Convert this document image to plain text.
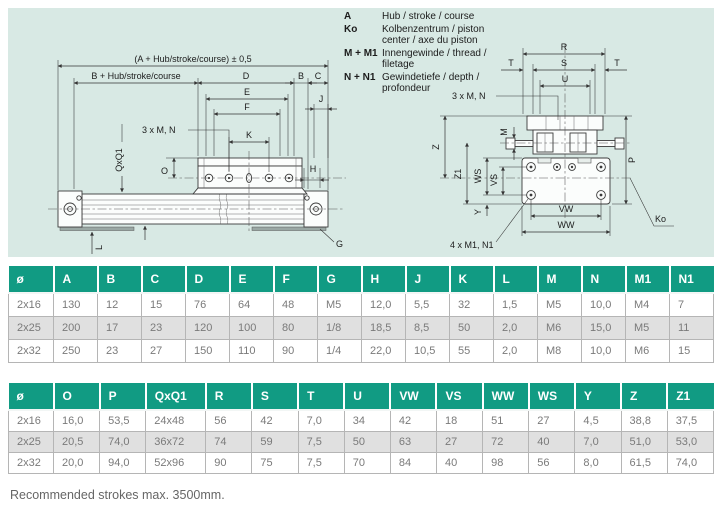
(A + Hub/stroke/course) ± 0,5
B + Hub/stroke/course	D	B C
E
F
K
3 x M, N
QxQ1	O
J
H
G
L
R
S
T	T
U
3 x M, N
M
Z
Z1 WS VS
Y
P
VW
WW
4 x M1, N1
Ko
A	Hub / stroke / course
Ko	Kolbenzentrum / piston center / axe du piston
M + M1 Innengewinde / thread / filetage
N + N1 Gewindetiefe / depth / profondeur
ø	A	B	C	D	E	F	G	H	J	K	L	M	N	M1	N1
2x16	130	12	15	76	64	48	M5	12,0	5,5	32	1,5	M5	10,0	M4	7
2x25	200	17	23	120	100	80	1/8	18,5	8,5	50	2,0	M6	15,0	M5	11
2x32	250	23	27	150	110	90	1/4	22,0	10,5	55	2,0	M8	10,0	M6	15
ø	O	P	QxQ1	R	S	T	U	VW	VS	WW	WS	Y	Z	Z1
2x16	16,0	53,5	24x48	56	42	7,0	34	42	18	51	27	4,5	38,8	37,5
2x25	20,5	74,0	36x72	74	59	7,5	50	63	27	72	40	7,0	51,0	53,0
2x32	20,0	94,0	52x96	90	75	7,5	70	84	40	98	56	8,0	61,5	74,0
Recommended strokes max. 3500mm.
